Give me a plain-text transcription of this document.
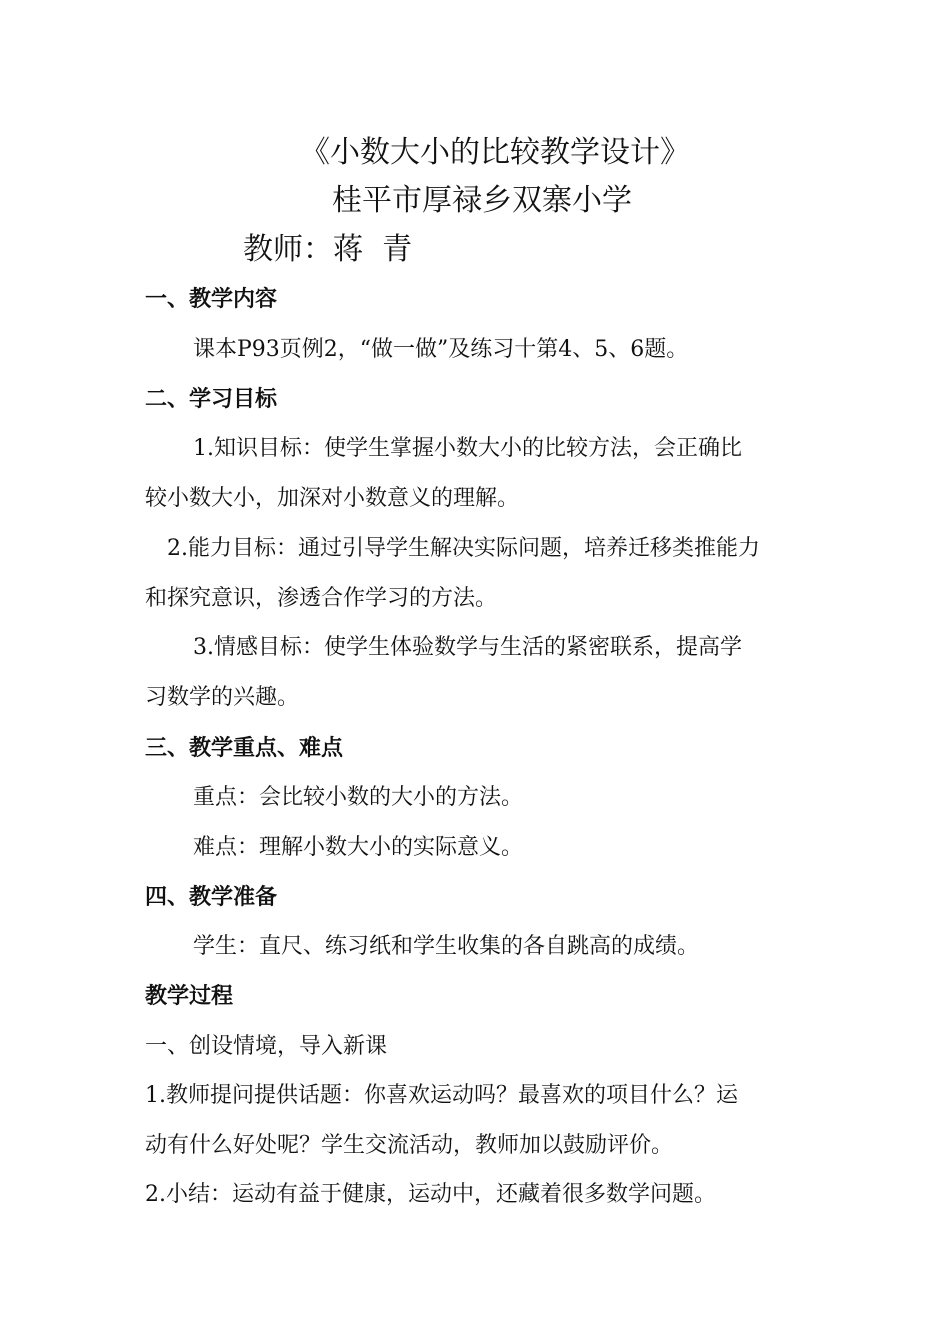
《小数大小的比较教学设计》
桂平市厚禄乡双寨小学
教师：蒋  青
一、教学内容
课本P93页例2，“做一做”及练习十第4、5、6题。
二、学习目标
1.知识目标：使学生掌握小数大小的比较方法，会正确比
较小数大小，加深对小数意义的理解。
2.能力目标：通过引导学生解决实际问题，培养迁移类推能力
和探究意识，渗透合作学习的方法。
3.情感目标：使学生体验数学与生活的紧密联系，提高学
习数学的兴趣。
三、教学重点、难点
重点：会比较小数的大小的方法。
难点：理解小数大小的实际意义。
四、教学准备
学生：直尺、练习纸和学生收集的各自跳高的成绩。
教学过程
一、创设情境，导入新课
1.教师提问提供话题：你喜欢运动吗？最喜欢的项目什么？运
动有什么好处呢？学生交流活动，教师加以鼓励评价。
2.小结：运动有益于健康，运动中，还藏着很多数学问题。
